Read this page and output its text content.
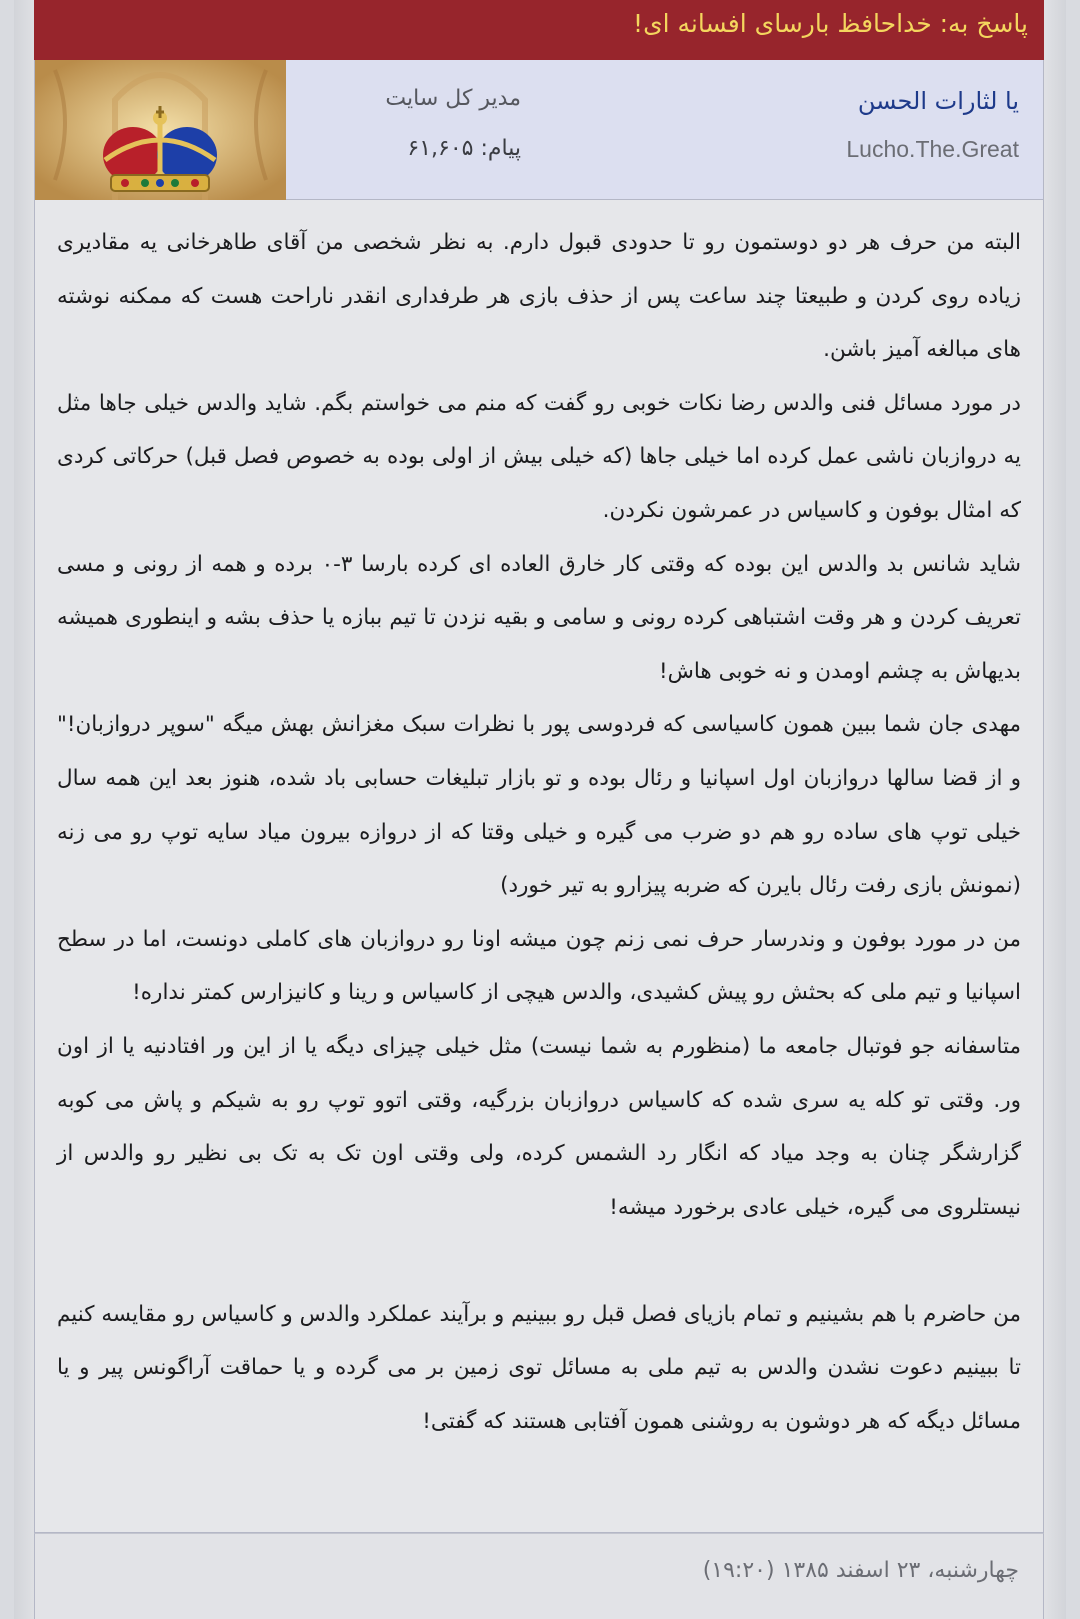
پاسخ به: خداحافظ بارسای افسانه ای!
یا لثارات الحسن
Lucho.The.Great
مدیر کل سایت
پیام: ۶۱,۶۰۵

البته من حرف هر دو دوستمون رو تا حدودی قبول دارم. به نظر شخصی من آقای طاهرخانی یه مقادیری زیاده روی کردن و طبیعتا چند ساعت پس از حذف بازی هر طرفداری انقدر ناراحت هست که ممکنه نوشته های مبالغه آمیز باشن.

در مورد مسائل فنی والدس رضا نکات خوبی رو گفت که منم می خواستم بگم. شاید والدس خیلی جاها مثل یه دروازبان ناشی عمل کرده اما خیلی جاها (که خیلی بیش از اولی بوده به خصوص فصل قبل) حرکاتی کردی که امثال بوفون و کاسیاس در عمرشون نکردن.

شاید شانس بد والدس این بوده که وقتی کار خارق العاده ای کرده بارسا ۳-۰ برده و همه از رونی و مسی تعریف کردن و هر وقت اشتباهی کرده رونی و سامی و بقیه نزدن تا تیم ببازه یا حذف بشه و اینطوری همیشه بدیهاش به چشم اومدن و نه خوبی هاش!

مهدی جان شما ببین همون کاسیاسی که فردوسی پور با نظرات سبک مغزانش بهش میگه "سوپر دروازبان!" و از قضا سالها دروازبان اول اسپانیا و رئال بوده و تو بازار تبلیغات حسابی باد شده، هنوز بعد این همه سال خیلی توپ های ساده رو هم دو ضرب می گیره و خیلی وقتا که از دروازه بیرون میاد سایه توپ رو می زنه (نمونش بازی رفت رئال بایرن که ضربه پیزارو به تیر خورد)

من در مورد بوفون و وندرسار حرف نمی زنم چون میشه اونا رو دروازبان های کاملی دونست، اما در سطح اسپانیا و تیم ملی که بحثش رو پیش کشیدی، والدس هیچی از کاسیاس و رینا و کانیزارس کمتر نداره!

متاسفانه جو فوتبال جامعه ما (منظورم به شما نیست) مثل خیلی چیزای دیگه یا از این ور افتادنیه یا از اون ور. وقتی تو کله یه سری شده که کاسیاس دروازبان بزرگیه، وقتی اتوو توپ رو به شیکم و پاش می کوبه گزارشگر چنان به وجد میاد که انگار رد الشمس کرده، ولی وقتی اون تک به تک بی نظیر رو والدس از نیستلروی می گیره، خیلی عادی برخورد میشه!

من حاضرم با هم بشینیم و تمام بازیای فصل قبل رو ببینیم و برآیند عملکرد والدس و کاسیاس رو مقایسه کنیم تا ببینیم دعوت نشدن والدس به تیم ملی به مسائل توی زمین بر می گرده و یا حماقت آراگونس پیر و یا مسائل دیگه که هر دوشون به روشنی همون آفتابی هستند که گفتی!

چهارشنبه، ۲۳ اسفند ۱۳۸۵ (۱۹:۲۰)
